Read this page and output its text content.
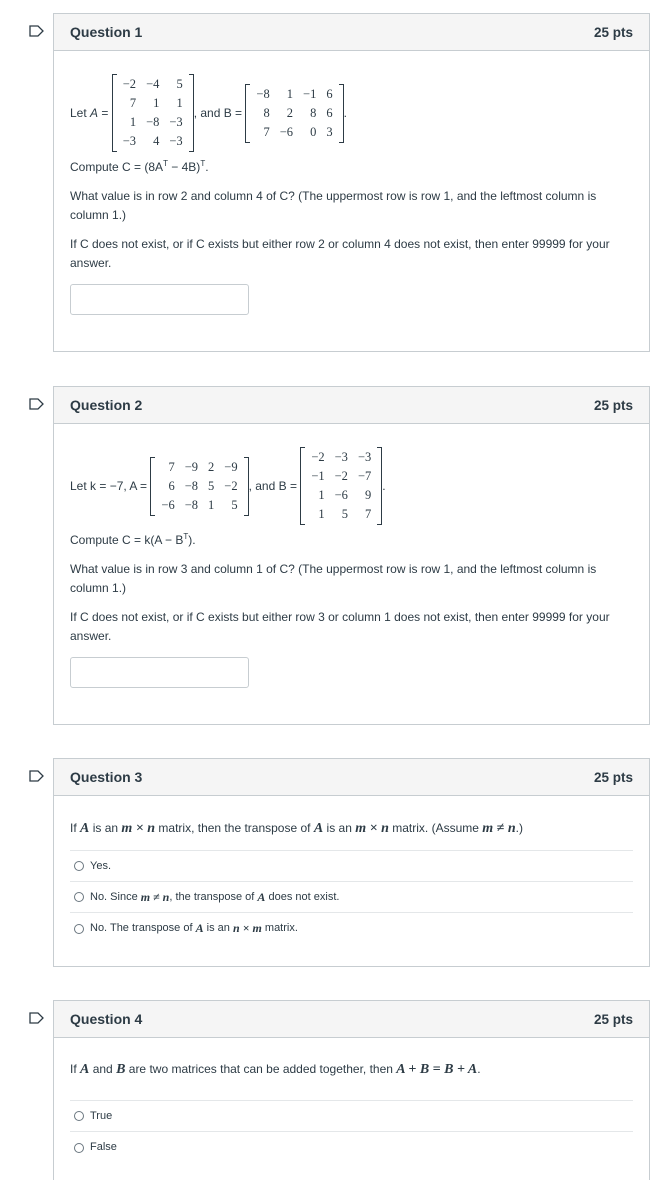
Question 1	25 pts
Let
A
=

−2	−4	5
7	1	1
1	−8	−3
−3	4	−3
, and B =

−8	1	−1	6
8	2	8	6
7	−6	0	3
.

Compute $C = (8A^T - 4B)^T$.

What value is in row 2 and column 4 of C? (The uppermost row is row 1, and the leftmost column is column 1.)

If C does not exist, or if C exists but either row 2 or column 4 does not exist, then enter 99999 for your answer.

Question 2	25 pts
Let k = −7, A =

7	−9	2	−9
6	−8	5	−2
−6	−8	1	5
, and B =

−2	−3	−3
−1	−2	−7
1	−6	9
1	5	7
.

Compute $C = k(A - B^T)$.

What value is in row 3 and column 1 of C? (The uppermost row is row 1, and the leftmost column is column 1.)

If C does not exist, or if C exists but either row 3 or column 1 does not exist, then enter 99999 for your answer.

Question 3	25 pts

If A is an m × n matrix, then the transpose of A is an m × n matrix. (Assume m ≠ n.)

Yes.
No. Since
m ≠ n , the transpose of
A
does not exist.
No. The transpose of
A
is an
n × m
matrix.
Question 4	25 pts

If A and B are two matrices that can be added together, then A + B = B + A.

True
False
